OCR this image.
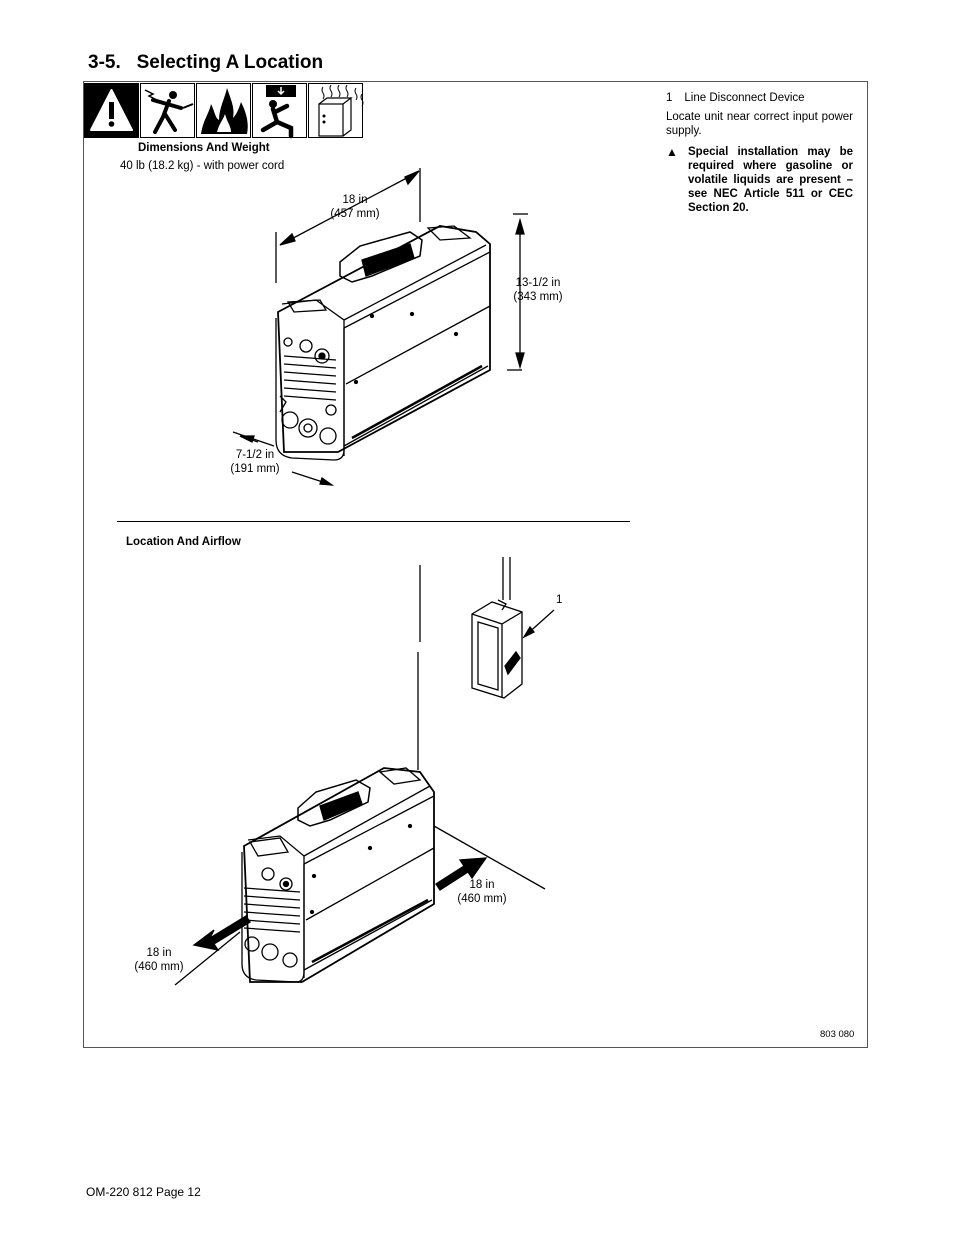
3-5.   Selecting A Location
Dimensions And Weight
40 lb (18.2 kg) - with power cord
18 in
(457 mm)
13-1/2 in
(343 mm)
7-1/2 in
(191 mm)
Location And Airflow
1
18 in
(460 mm)
18 in
(460 mm)
1 Line Disconnect Device
Locate unit near correct input power supply.
▲ Special installation may be
required where gasoline or
volatile liquids are present –
see NEC Article 511 or CEC
Section 20.
803 080
OM-220 812 Page 12
